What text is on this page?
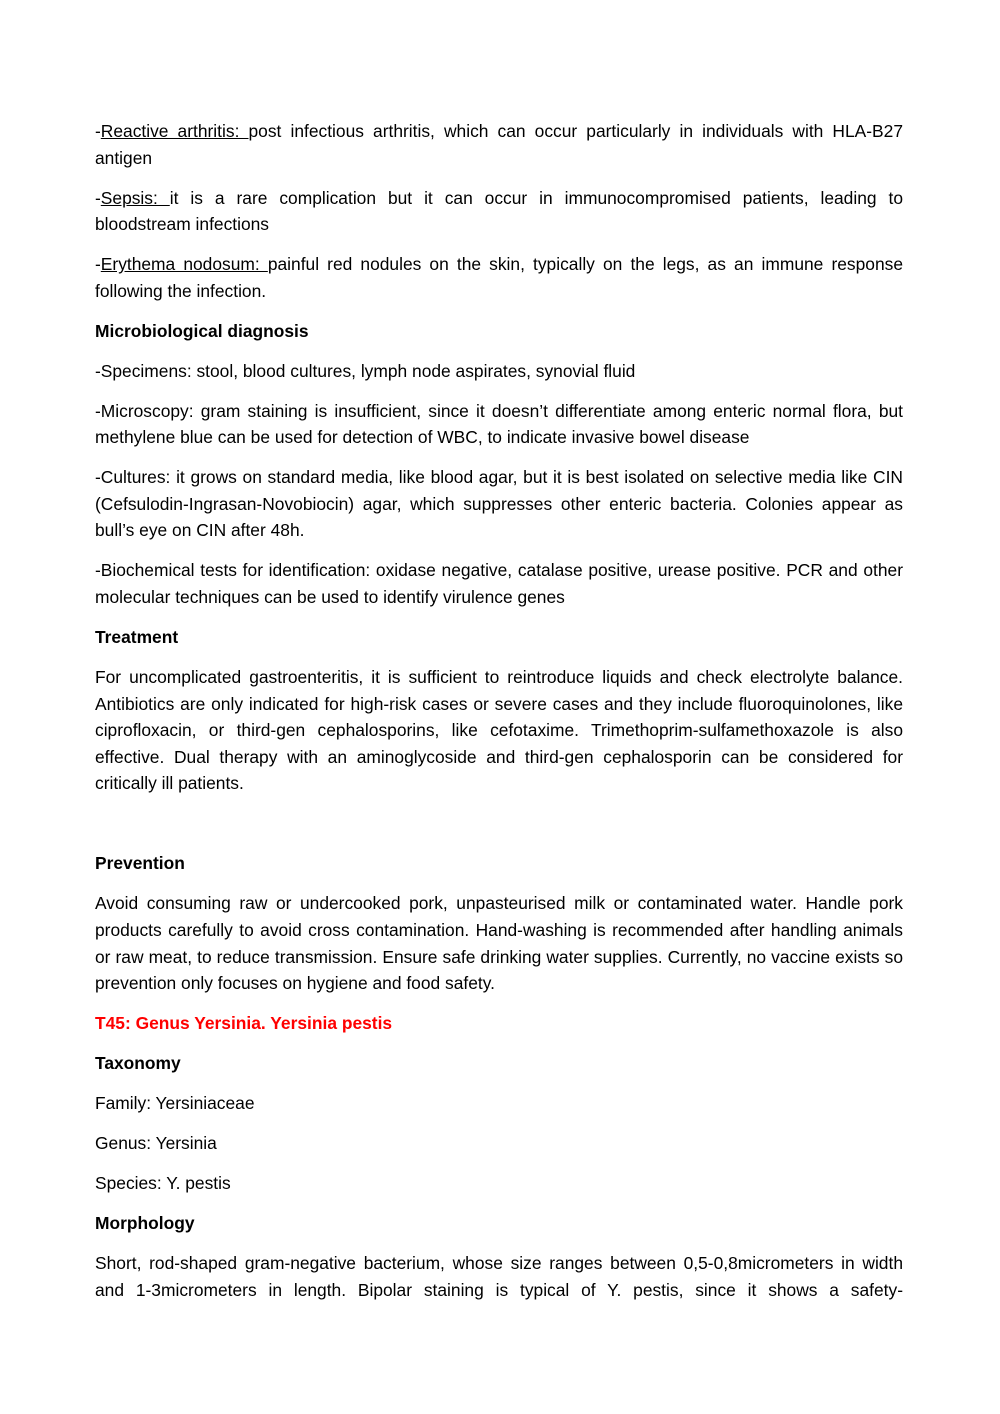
-Reactive arthritis: post infectious arthritis, which can occur particularly in individuals with HLA-B27 antigen

-Sepsis: it is a rare complication but it can occur in immunocompromised patients, leading to bloodstream infections

-Erythema nodosum: painful red nodules on the skin, typically on the legs, as an immune response following the infection.

Microbiological diagnosis

-Specimens: stool, blood cultures, lymph node aspirates, synovial fluid

-Microscopy: gram staining is insufficient, since it doesn’t differentiate among enteric normal flora, but methylene blue can be used for detection of WBC, to indicate invasive bowel disease

-Cultures: it grows on standard media, like blood agar, but it is best isolated on selective media like CIN (Cefsulodin-Ingrasan-Novobiocin) agar, which suppresses other enteric bacteria. Colonies appear as bull’s eye on CIN after 48h.

-Biochemical tests for identification: oxidase negative, catalase positive, urease positive. PCR and other molecular techniques can be used to identify virulence genes

Treatment

For uncomplicated gastroenteritis, it is sufficient to reintroduce liquids and check electrolyte balance. Antibiotics are only indicated for high-risk cases or severe cases and they include fluoroquinolones, like ciprofloxacin, or third-gen cephalosporins, like cefotaxime. Trimethoprim-sulfamethoxazole is also effective. Dual therapy with an aminoglycoside and third-gen cephalosporin can be considered for critically ill patients.

Prevention

Avoid consuming raw or undercooked pork, unpasteurised milk or contaminated water. Handle pork products carefully to avoid cross contamination. Hand-washing is recommended after handling animals or raw meat, to reduce transmission. Ensure safe drinking water supplies. Currently, no vaccine exists so prevention only focuses on hygiene and food safety.

T45: Genus Yersinia. Yersinia pestis

Taxonomy

Family: Yersiniaceae

Genus: Yersinia

Species: Y. pestis

Morphology

Short, rod-shaped gram-negative bacterium, whose size ranges between 0,5-0,8micrometers in width and 1-3micrometers in length. Bipolar staining is typical of Y. pestis, since it shows a safety-
